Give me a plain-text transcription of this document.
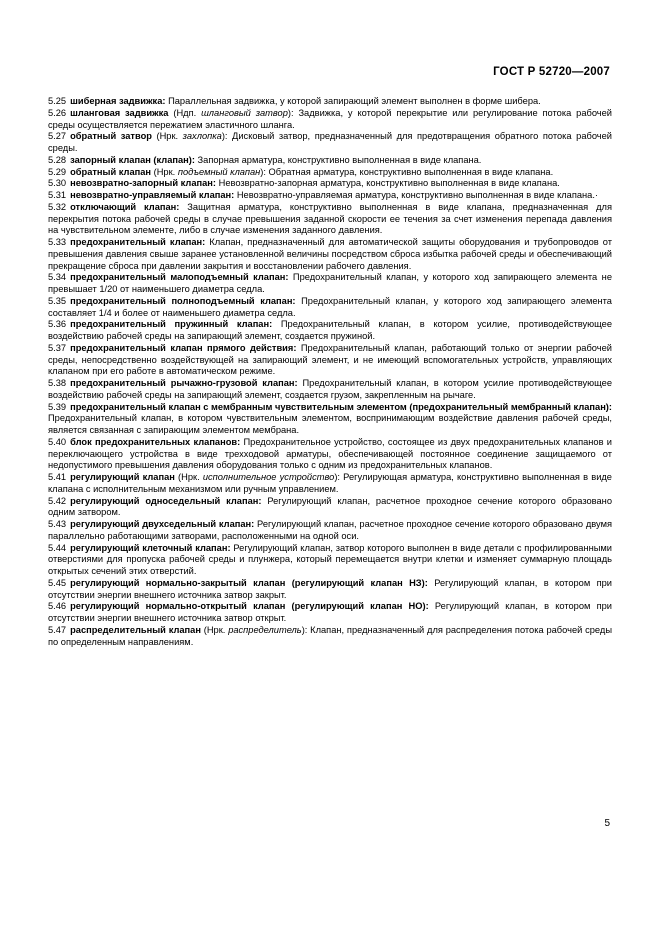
ГОСТ Р 52720—2007

5.25 шиберная задвижка: Параллельная задвижка, у которой запирающий элемент выполнен в форме шибера.

5.26 шланговая задвижка (Ндп. шланговый затвор): Задвижка, у которой перекрытие или регулирование потока рабочей среды осуществляется пережатием эластичного шланга.

5.27 обратный затвор (Нрк. захлопка): Дисковый затвор, предназначенный для предотвращения обратного потока рабочей среды.

5.28 запорный клапан (клапан): Запорная арматура, конструктивно выполненная в виде клапана.

5.29 обратный клапан (Нрк. подъемный клапан): Обратная арматура, конструктивно выполненная в виде клапана.

5.30 невозвратно-запорный клапан: Невозвратно-запорная арматура, конструктивно выполненная в виде клапана.

5.31 невозвратно-управляемый клапан: Невозвратно-управляемая арматура, конструктивно выполненная в виде клапана.·

5.32 отключающий клапан: Защитная арматура, конструктивно выполненная в виде клапана, предназначенная для перекрытия потока рабочей среды в случае превышения заданной скорости ее течения за счет изменения перепада давления на чувствительном элементе, либо в случае изменения заданного давления.

5.33 предохранительный клапан: Клапан, предназначенный для автоматической защиты оборудования и трубопроводов от превышения давления свыше заранее установленной величины посредством сброса избытка рабочей среды и обеспечивающий прекращение сброса при давлении закрытия и восстановлении рабочего давления.

5.34 предохранительный малоподъемный клапан: Предохранительный клапан, у которого ход запирающего элемента не превышает 1/20 от наименьшего диаметра седла.

5.35 предохранительный полноподъемный клапан: Предохранительный клапан, у которого ход запирающего элемента составляет 1/4 и более от наименьшего диаметра седла.

5.36 предохранительный пружинный клапан: Предохранительный клапан, в котором усилие, противодействующее воздействию рабочей среды на запирающий элемент, создается пружиной.

5.37 предохранительный клапан прямого действия: Предохранительный клапан, работающий только от энергии рабочей среды, непосредственно воздействующей на запирающий элемент, и не имеющий вспомогательных устройств, управляющих клапаном при его работе в автоматическом режиме.

5.38 предохранительный рычажно-грузовой клапан: Предохранительный клапан, в котором усилие противодействующее воздействию рабочей среды на запирающий элемент, создается грузом, закрепленным на рычаге.

5.39 предохранительный клапан с мембранным чувствительным элементом (предохранительный мембранный клапан): Предохранительный клапан, в котором чувствительным элементом, воспринимающим воздействие давления рабочей среды, является связанная с запирающим элементом мембрана.

5.40 блок предохранительных клапанов: Предохранительное устройство, состоящее из двух предохранительных клапанов и переключающего устройства в виде трехходовой арматуры, обеспечивающей постоянное соединение защищаемого от недопустимого превышения давления оборудования только с одним из предохранительных клапанов.

5.41 регулирующий клапан (Нрк. исполнительное устройство): Регулирующая арматура, конструктивно выполненная в виде клапана с исполнительным механизмом или ручным управлением.

5.42 регулирующий односедельный клапан: Регулирующий клапан, расчетное проходное сечение которого образовано одним затвором.

5.43 регулирующий двухседельный клапан: Регулирующий клапан, расчетное проходное сечение которого образовано двумя параллельно работающими затворами, расположенными на одной оси.

5.44 регулирующий клеточный клапан: Регулирующий клапан, затвор которого выполнен в виде детали с профилированными отверстиями для пропуска рабочей среды и плунжера, который перемещается внутри клетки и изменяет суммарную площадь открытых сечений этих отверстий.

5.45 регулирующий нормально-закрытый клапан (регулирующий клапан НЗ): Регулирующий клапан, в котором при отсутствии энергии внешнего источника затвор закрыт.

5.46 регулирующий нормально-открытый клапан (регулирующий клапан НО): Регулирующий клапан, в котором при отсутствии энергии внешнего источника затвор открыт.

5.47 распределительный клапан (Нрк. распределитель): Клапан, предназначенный для распределения потока рабочей среды по определенным направлениям.

5
